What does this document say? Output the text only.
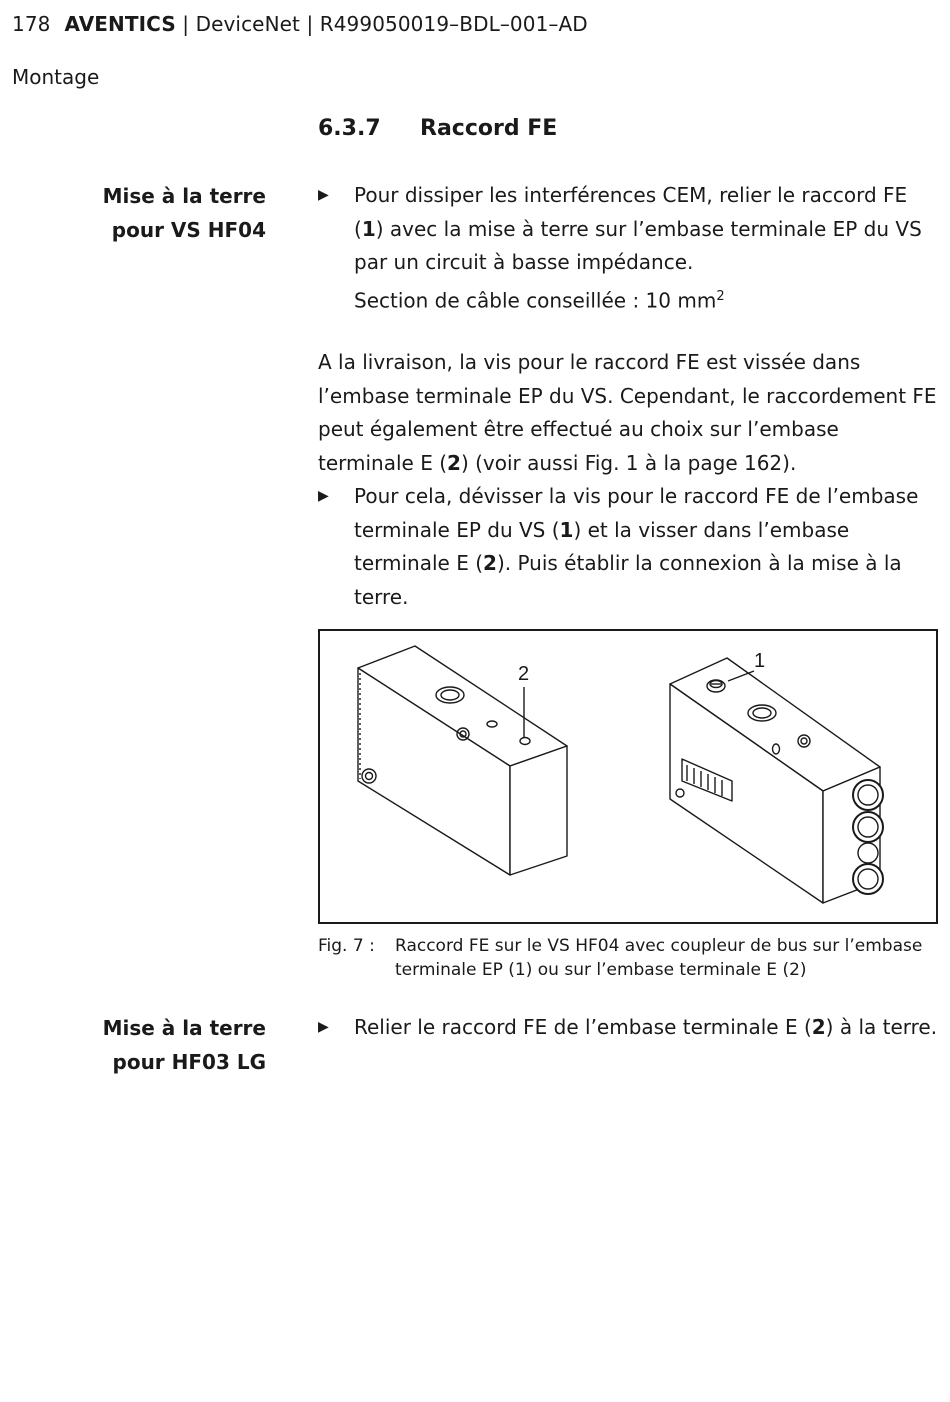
178 AVENTICS | DeviceNet | R499050019–BDL–001–AD
Montage
6.3.7 Raccord FE
Mise à la terre
pour VS HF04
▶ Pour dissiper les interférences CEM, relier le raccord FE (1) avec la mise à terre sur l’embase terminale EP du VS par un circuit à basse impédance.
Section de câble conseillée : 10 $mm^2$
A la livraison, la vis pour le raccord FE est vissée dans l’embase terminale EP du VS. Cependant, le raccordement FE peut également être effectué au choix sur l’embase terminale E (2) (voir aussi Fig. 1 à la page 162).
▶ Pour cela, dévisser la vis pour le raccord FE de l’embase terminale EP du VS (1) et la visser dans l’embase terminale E (2). Puis établir la connexion à la mise à la terre.
2
1
Fig. 7 : Raccord FE sur le VS HF04 avec coupleur de bus sur l’embase terminale EP (1) ou sur l’embase terminale E (2)
Mise à la terre
pour HF03 LG
▶ Relier le raccord FE de l’embase terminale E (2) à la terre.
